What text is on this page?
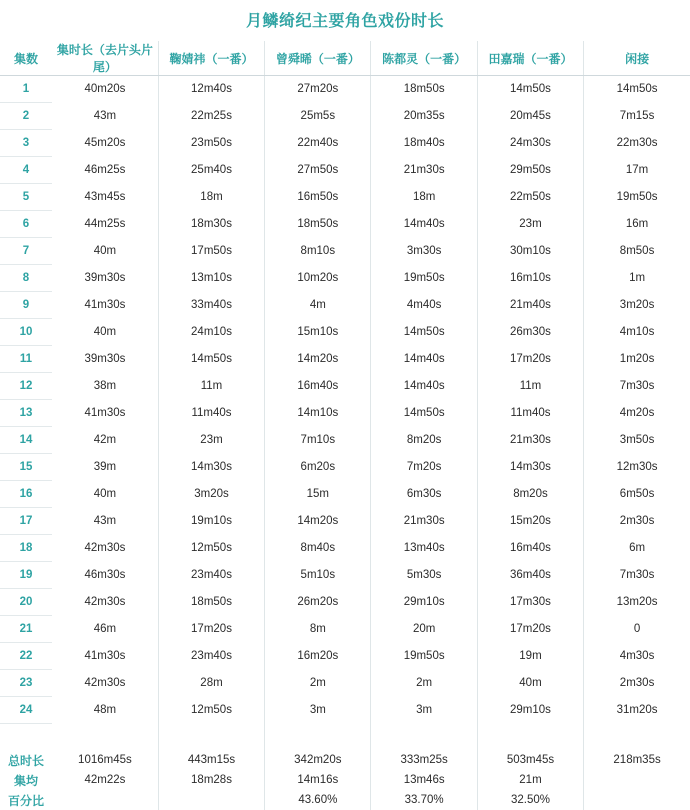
月鳞绮纪主要角色戏份时长
集数	集时长（去片头片尾）	鞠婧祎（一番）	曾舜晞（一番）	陈都灵（一番）	田嘉瑞（一番）	闲接
1	40m20s	12m40s	27m20s	18m50s	14m50s	14m50s
2	43m	22m25s	25m5s	20m35s	20m45s	7m15s
3	45m20s	23m50s	22m40s	18m40s	24m30s	22m30s
4	46m25s	25m40s	27m50s	21m30s	29m50s	17m
5	43m45s	18m	16m50s	18m	22m50s	19m50s
6	44m25s	18m30s	18m50s	14m40s	23m	16m
7	40m	17m50s	8m10s	3m30s	30m10s	8m50s
8	39m30s	13m10s	10m20s	19m50s	16m10s	1m
9	41m30s	33m40s	4m	4m40s	21m40s	3m20s
10	40m	24m10s	15m10s	14m50s	26m30s	4m10s
11	39m30s	14m50s	14m20s	14m40s	17m20s	1m20s
12	38m	11m	16m40s	14m40s	11m	7m30s
13	41m30s	11m40s	14m10s	14m50s	11m40s	4m20s
14	42m	23m	7m10s	8m20s	21m30s	3m50s
15	39m	14m30s	6m20s	7m20s	14m30s	12m30s
16	40m	3m20s	15m	6m30s	8m20s	6m50s
17	43m	19m10s	14m20s	21m30s	15m20s	2m30s
18	42m30s	12m50s	8m40s	13m40s	16m40s	6m
19	46m30s	23m40s	5m10s	5m30s	36m40s	7m30s
20	42m30s	18m50s	26m20s	29m10s	17m30s	13m20s
21	46m	17m20s	8m	20m	17m20s	0
22	41m30s	23m40s	16m20s	19m50s	19m	4m30s
23	42m30s	28m	2m	2m	40m	2m30s
24	48m	12m50s	3m	3m	29m10s	31m20s

总时长	1016m45s	443m15s	342m20s	333m25s	503m45s	218m35s
集均	42m22s	18m28s	14m16s	13m46s	21m	
百分比			43.60%	33.70%	32.50%	
